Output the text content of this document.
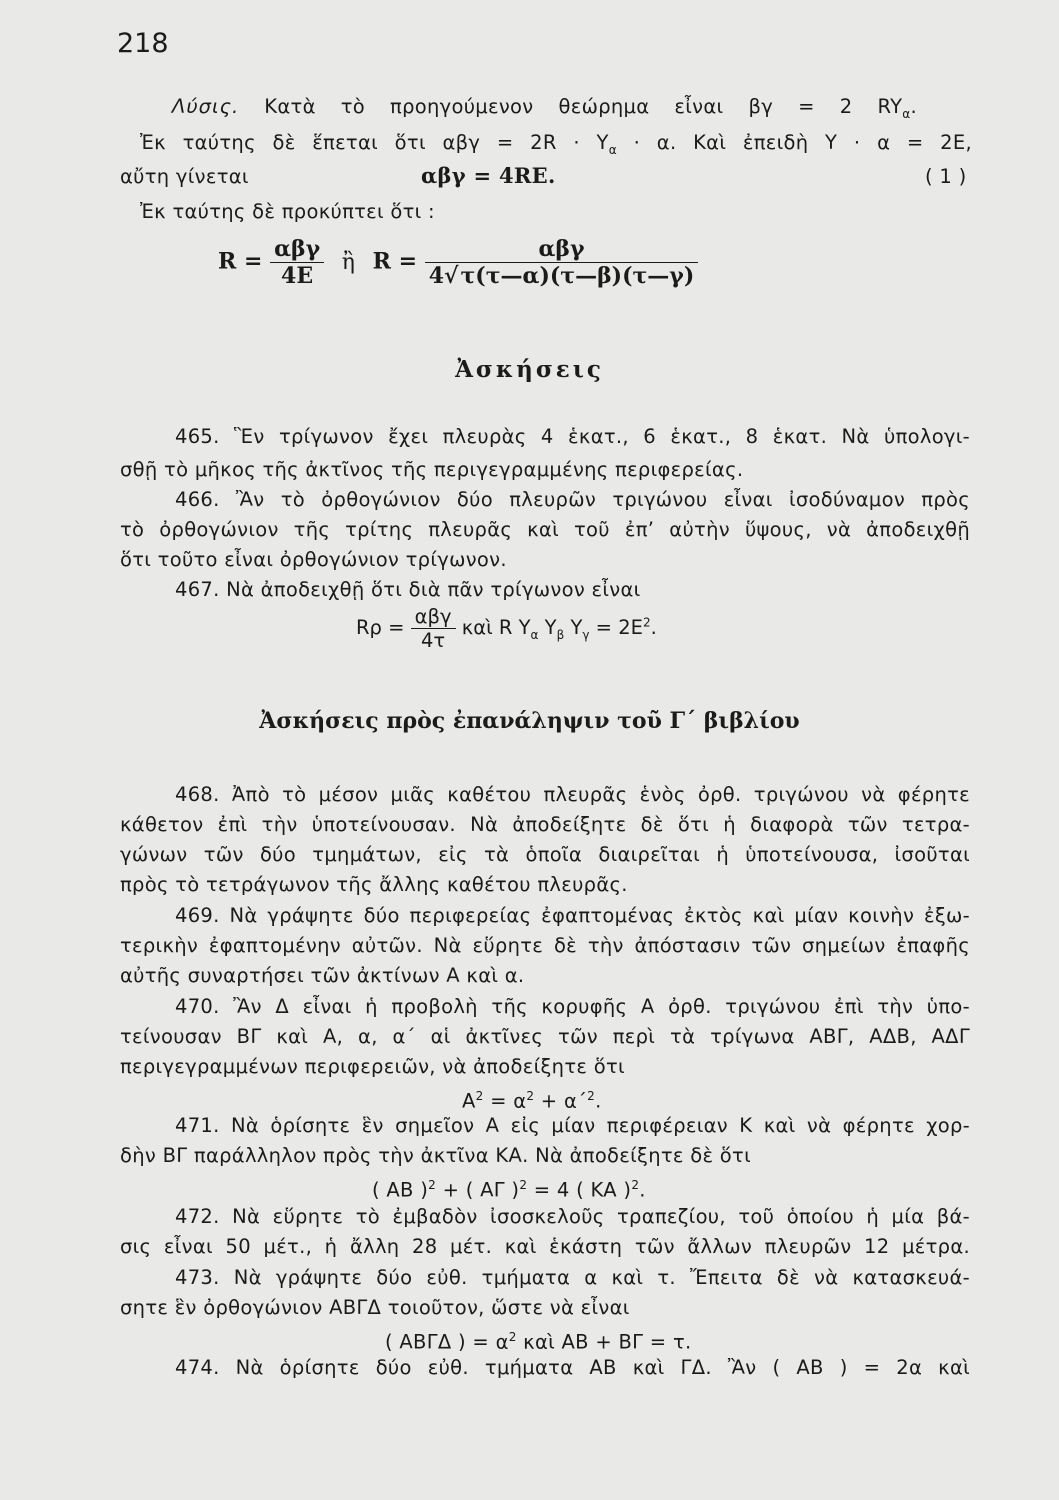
218
Λύσις. Κατὰ τὸ προηγούμενον θεώρημα εἶναι βγ = 2 $RY_\alpha$.
Ἐκ ταύτης δὲ ἕπεται ὅτι $\alpha\beta\gamma = 2R \cdot Y_\alpha \cdot \alpha$. Καὶ ἐπειδὴ Υ · α = 2Ε,
αὔτη γίνεται	αβγ = 4RE.	( 1 )
Ἐκ ταύτης δὲ προκύπτει ὅτι :
$R = \frac{\text{αβγ}}{4E}$ ἢ $R = \frac{\text{αβγ}}{4√\tau(\tau—\alpha)(\tau—\beta)(\tau—\gamma)}$
Ἀσκήσεις
465. Ἓν τρίγωνον ἔχει πλευρὰς 4 ἑκατ., 6 ἑκατ., 8 ἑκατ. Νὰ ὑπολογι-
σθῇ τὸ μῆκος τῆς ἀκτῖνος τῆς περιγεγραμμένης περιφερείας.
466. Ἂν τὸ ὀρθογώνιον δύο πλευρῶν τριγώνου εἶναι ἰσοδύναμον πρὸς
τὸ ὀρθογώνιον τῆς τρίτης πλευρᾶς καὶ τοῦ ἐπ’ αὐτὴν ὕψους, νὰ ἀποδειχθῇ
ὅτι τοῦτο εἶναι ὀρθογώνιον τρίγωνον.
467. Νὰ ἀποδειχθῇ ὅτι διὰ πᾶν τρίγωνον εἶναι
$R\rho = \frac{\text{αβγ}}{4\tau}$ καὶ R $Y_\alpha$ $Y_\beta$ $Y_\gamma = 2E^2$.
Ἀσκήσεις πρὸς ἐπανάληψιν τοῦ Γ΄ βιβλίου
468. Ἀπὸ τὸ μέσον μιᾶς καθέτου πλευρᾶς ἑνὸς ὀρθ. τριγώνου νὰ φέρητε
κάθετον ἐπὶ τὴν ὑποτείνουσαν. Νὰ ἀποδείξητε δὲ ὅτι ἡ διαφορὰ τῶν τετρα-
γώνων τῶν δύο τμημάτων, εἰς τὰ ὁποῖα διαιρεῖται ἡ ὑποτείνουσα, ἰσοῦται
πρὸς τὸ τετράγωνον τῆς ἄλλης καθέτου πλευρᾶς.
469. Νὰ γράψητε δύο περιφερείας ἐφαπτομένας ἐκτὸς καὶ μίαν κοινὴν ἐξω-
τερικὴν ἐφαπτομένην αὐτῶν. Νὰ εὕρητε δὲ τὴν ἀπόστασιν τῶν σημείων ἐπαφῆς
αὐτῆς συναρτήσει τῶν ἀκτίνων Α καὶ α.
470. Ἂν Δ εἶναι ἡ προβολὴ τῆς κορυφῆς Α ὀρθ. τριγώνου ἐπὶ τὴν ὑπο-
τείνουσαν ΒΓ καὶ Α, α, α΄ αἱ ἀκτῖνες τῶν περὶ τὰ τρίγωνα ΑΒΓ, ΑΔΒ, ΑΔΓ
περιγεγραμμένων περιφερειῶν, νὰ ἀποδείξητε ὅτι
$A^2 = \alpha^2 + \alpha΄^2$.
471. Νὰ ὁρίσητε ἓν σημεῖον Α εἰς μίαν περιφέρειαν Κ καὶ νὰ φέρητε χορ-
δὴν ΒΓ παράλληλον πρὸς τὴν ἀκτῖνα ΚΑ. Νὰ ἀποδείξητε δὲ ὅτι
( AB )$^2$ + ( ΑΓ )$^2$ = 4 ( KA )$^2$.
472. Νὰ εὕρητε τὸ ἐμβαδὸν ἰσοσκελοῦς τραπεζίου, τοῦ ὁποίου ἡ μία βά-
σις εἶναι 50 μέτ., ἡ ἄλλη 28 μέτ. καὶ ἑκάστη τῶν ἄλλων πλευρῶν 12 μέτρα.
473. Νὰ γράψητε δύο εὐθ. τμήματα α καὶ τ. Ἔπειτα δὲ νὰ κατασκευά-
σητε ἓν ὀρθογώνιον ΑΒΓΔ τοιοῦτον, ὥστε νὰ εἶναι
( ΑΒΓΔ ) = $\alpha^2$ καὶ AB + ΒΓ = τ.
474. Νὰ ὁρίσητε δύο εὐθ. τμήματα AB καὶ ΓΔ. Ἂν ( AB ) = 2α καὶ
